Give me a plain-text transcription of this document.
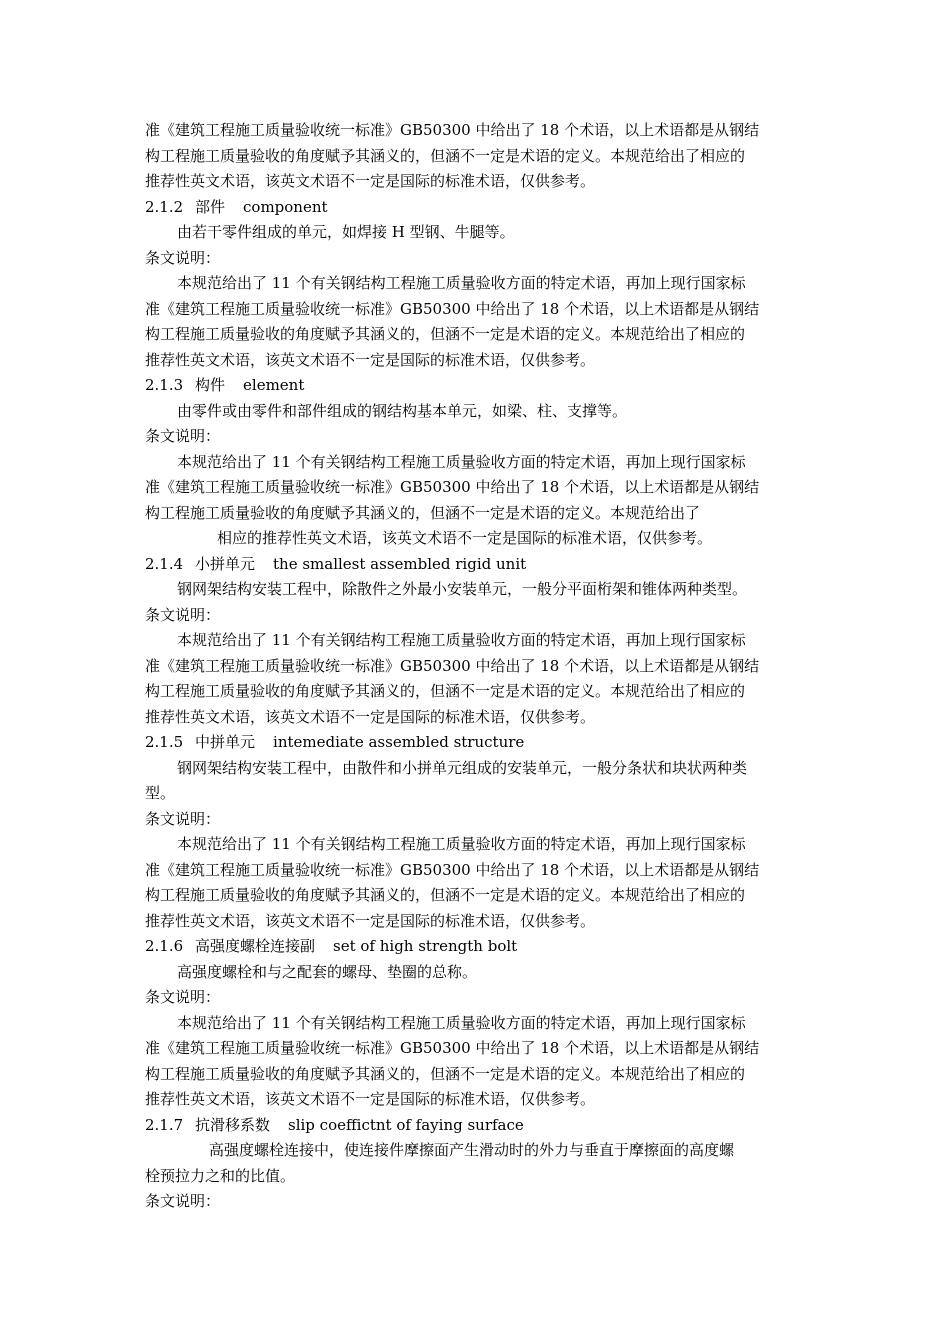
准《建筑工程施工质量验收统一标准》GB50300 中给出了 18 个术语，以上术语都是从钢结

构工程施工质量验收的角度赋予其涵义的，但涵不一定是术语的定义。本规范给出了相应的

推荐性英文术语，该英文术语不一定是国际的标准术语，仅供参考。

2.1.2 部件 component

由若干零件组成的单元，如焊接 H 型钢、牛腿等。

条文说明：

本规范给出了 11 个有关钢结构工程施工质量验收方面的特定术语，再加上现行国家标

准《建筑工程施工质量验收统一标准》GB50300 中给出了 18 个术语，以上术语都是从钢结

构工程施工质量验收的角度赋予其涵义的，但涵不一定是术语的定义。本规范给出了相应的

推荐性英文术语，该英文术语不一定是国际的标准术语，仅供参考。

2.1.3 构件 element

由零件或由零件和部件组成的钢结构基本单元，如梁、柱、支撑等。

条文说明：

本规范给出了 11 个有关钢结构工程施工质量验收方面的特定术语，再加上现行国家标

准《建筑工程施工质量验收统一标准》GB50300 中给出了 18 个术语，以上术语都是从钢结

构工程施工质量验收的角度赋予其涵义的，但涵不一定是术语的定义。本规范给出了

相应的推荐性英文术语，该英文术语不一定是国际的标准术语，仅供参考。

2.1.4 小拼单元 the smallest assembled rigid unit

钢网架结构安装工程中，除散件之外最小安装单元，一般分平面桁架和锥体两种类型。

条文说明：

本规范给出了 11 个有关钢结构工程施工质量验收方面的特定术语，再加上现行国家标

准《建筑工程施工质量验收统一标准》GB50300 中给出了 18 个术语，以上术语都是从钢结

构工程施工质量验收的角度赋予其涵义的，但涵不一定是术语的定义。本规范给出了相应的

推荐性英文术语，该英文术语不一定是国际的标准术语，仅供参考。

2.1.5 中拼单元 intemediate assembled structure

钢网架结构安装工程中，由散件和小拼单元组成的安装单元，一般分条状和块状两种类

型。

条文说明：

本规范给出了 11 个有关钢结构工程施工质量验收方面的特定术语，再加上现行国家标

准《建筑工程施工质量验收统一标准》GB50300 中给出了 18 个术语，以上术语都是从钢结

构工程施工质量验收的角度赋予其涵义的，但涵不一定是术语的定义。本规范给出了相应的

推荐性英文术语，该英文术语不一定是国际的标准术语，仅供参考。

2.1.6 高强度螺栓连接副 set of high strength bolt

高强度螺栓和与之配套的螺母、垫圈的总称。

条文说明：

本规范给出了 11 个有关钢结构工程施工质量验收方面的特定术语，再加上现行国家标

准《建筑工程施工质量验收统一标准》GB50300 中给出了 18 个术语，以上术语都是从钢结

构工程施工质量验收的角度赋予其涵义的，但涵不一定是术语的定义。本规范给出了相应的

推荐性英文术语，该英文术语不一定是国际的标准术语，仅供参考。

2.1.7 抗滑移系数 slip coeffictnt of faying surface

高强度螺栓连接中，使连接件摩擦面产生滑动时的外力与垂直于摩擦面的高度螺

栓预拉力之和的比值。

条文说明：
